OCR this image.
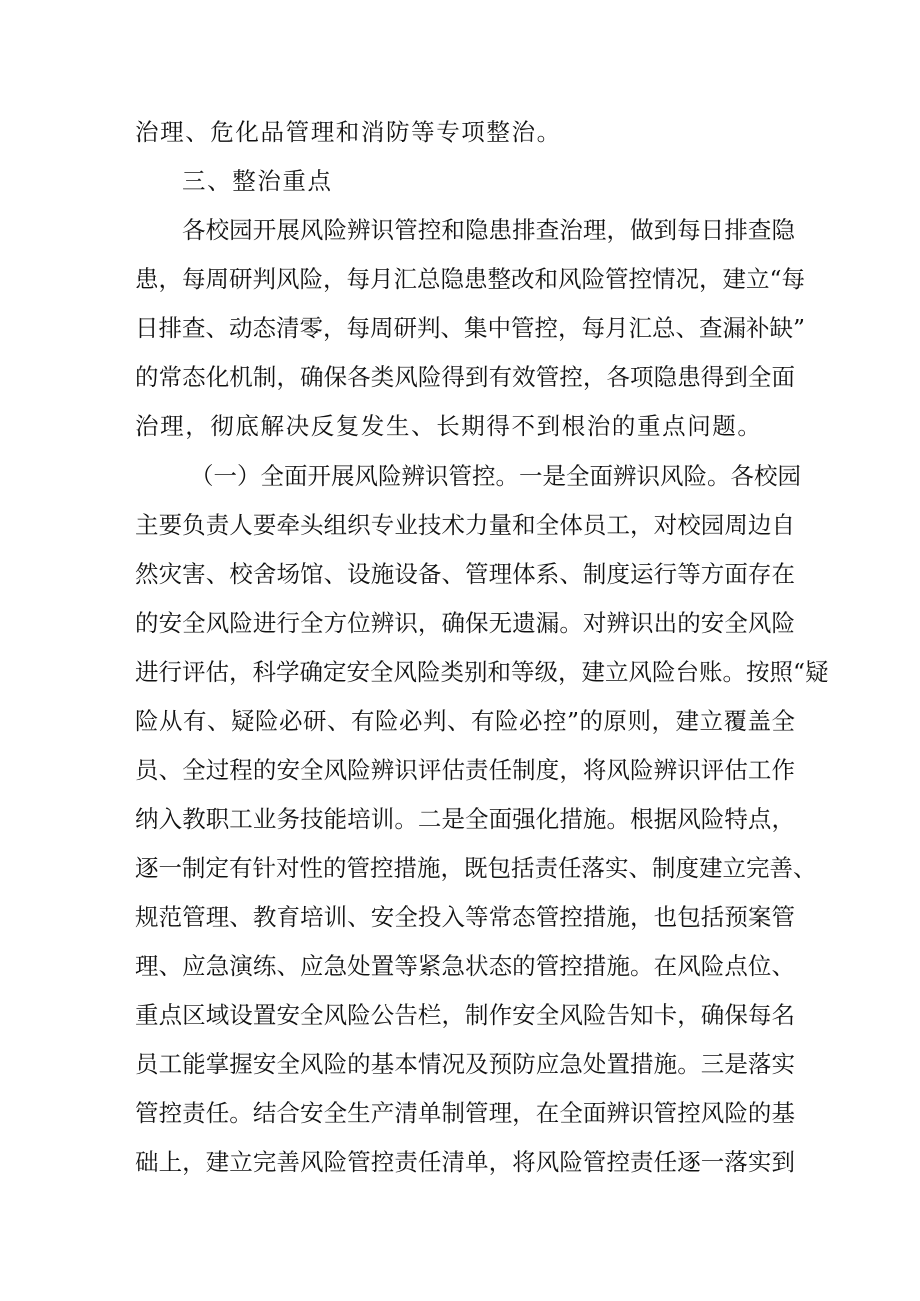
治理、危化品管理和消防等专项整治。
三、整治重点
各校园开展风险辨识管控和隐患排查治理，做到每日排查隐
患，每周研判风险，每月汇总隐患整改和风险管控情况，建立“每
日排查、动态清零，每周研判、集中管控，每月汇总、查漏补缺”
的常态化机制，确保各类风险得到有效管控，各项隐患得到全面
治理，彻底解决反复发生、长期得不到根治的重点问题。
（一）全面开展风险辨识管控。一是全面辨识风险。各校园
主要负责人要牵头组织专业技术力量和全体员工，对校园周边自
然灾害、校舍场馆、设施设备、管理体系、制度运行等方面存在
的安全风险进行全方位辨识，确保无遗漏。对辨识出的安全风险
进行评估，科学确定安全风险类别和等级，建立风险台账。按照“疑
险从有、疑险必研、有险必判、有险必控”的原则，建立覆盖全
员、全过程的安全风险辨识评估责任制度，将风险辨识评估工作
纳入教职工业务技能培训。二是全面强化措施。根据风险特点，
逐一制定有针对性的管控措施，既包括责任落实、制度建立完善、
规范管理、教育培训、安全投入等常态管控措施，也包括预案管
理、应急演练、应急处置等紧急状态的管控措施。在风险点位、
重点区域设置安全风险公告栏，制作安全风险告知卡，确保每名
员工能掌握安全风险的基本情况及预防应急处置措施。三是落实
管控责任。结合安全生产清单制管理，在全面辨识管控风险的基
础上，建立完善风险管控责任清单，将风险管控责任逐一落实到
